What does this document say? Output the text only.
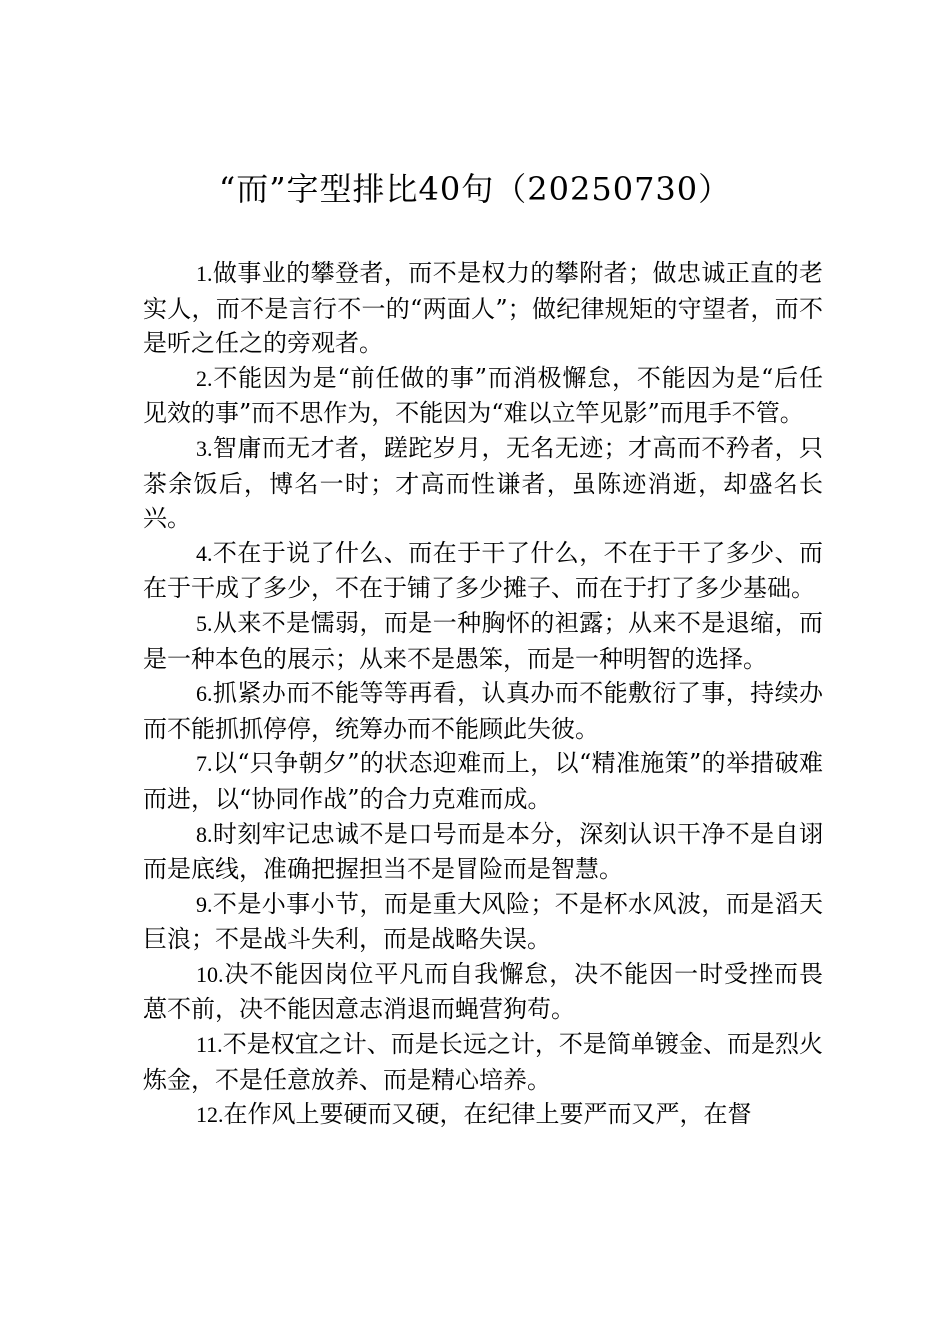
“而”字型排比40句（20250730）

1.做事业的攀登者，而不是权力的攀附者；做忠诚正直的老实人，而不是言行不一的“两面人”；做纪律规矩的守望者，而不是听之任之的旁观者。

2.不能因为是“前任做的事”而消极懈怠，不能因为是“后任见效的事”而不思作为，不能因为“难以立竿见影”而甩手不管。

3.智庸而无才者，蹉跎岁月，无名无迹；才高而不矜者，只茶余饭后，博名一时；才高而性谦者，虽陈迹消逝，却盛名长兴。

4.不在于说了什么、而在于干了什么，不在于干了多少、而在于干成了多少，不在于铺了多少摊子、而在于打了多少基础。

5.从来不是懦弱，而是一种胸怀的袒露；从来不是退缩，而是一种本色的展示；从来不是愚笨，而是一种明智的选择。

6.抓紧办而不能等等再看，认真办而不能敷衍了事，持续办而不能抓抓停停，统筹办而不能顾此失彼。

7.以“只争朝夕”的状态迎难而上，以“精准施策”的举措破难而进，以“协同作战”的合力克难而成。

8.时刻牢记忠诚不是口号而是本分，深刻认识干净不是自诩而是底线，准确把握担当不是冒险而是智慧。

9.不是小事小节，而是重大风险；不是杯水风波，而是滔天巨浪；不是战斗失利，而是战略失误。

10.决不能因岗位平凡而自我懈怠，决不能因一时受挫而畏葸不前，决不能因意志消退而蝇营狗苟。

11.不是权宜之计、而是长远之计，不是简单镀金、而是烈火炼金，不是任意放养、而是精心培养。

12.在作风上要硬而又硬，在纪律上要严而又严，在督
